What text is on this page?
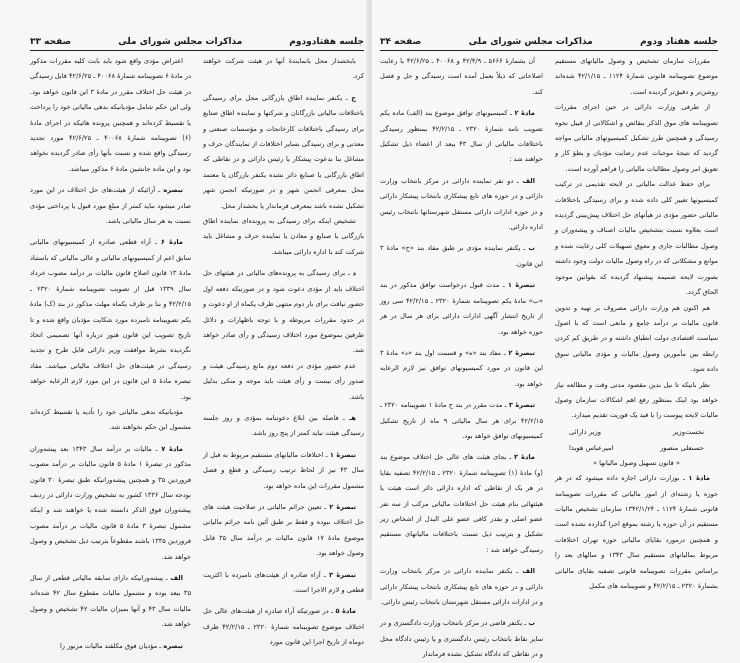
جلسه هفتادودوم
مذاکرات مجلس شورای ملی
صفحه ۳۳

بابخشدار محل بانمایندهٔ آنها در هیئت شرکت خواهند کرد.

ج ـ یکنفر نماینده اطاق بازرگانی محل برای رسیدگی باختلافات مالیاتی بازرگانان و شرکتها و نماینده اطاق صنایع برای رسیدگی باختلافات کارخانجات و مؤسسات صنعتی و معدنی و برای رسیدگی بسایر اختلافات از نمایندگان حرف و مشاغل بنا بدعوت پیشکار یا رئیس دارائی و در نقاطی که اطاق بازرگانی یا صنایع دائر نشده یکنفر بازرگان یا معتمد محل بمعرفی انجمن شهر و در صورتیکه انجمن شهر تشکیل نشده باشد بمعرفی فرماندار یا بخشدار محل.

تشخیص اینکه برای رسیدگی به پرونده‌ای نماینده اطاق بازرگانی یا صنایع و معادن یا نماینده حرف و مشاغل باید شرکت کند با اداره دارائی میباشد.

د ـ برای رسیدگی به پرونده‌های مالیاتی در هیئتهای حل اختلاف باید از مؤدی دعوت شود و در صورتیکه دفعه اول حضور نیافت برای بار دوم منتهی ظرف یکماه از او دعوت و در حدود مقررات مربوطه و با توجه باظهارات و دلائل طرفین بموضوع مورد اختلاف رسیدگی و رأی صادر خواهد شد.

عدم حضور مؤدی در دفعه دوم مانع رسیدگی هیئت و صدور رأی نیست و رأی هیئت باید موجه و متکی بدلیل باشد.

هـ ـ فاصله بین ابلاغ دعوتنامه بمؤدی و روز جلسه رسیدگی هیئت نباید کمتر از پنج روز باشد.

تبصرهٔ ۱ ـ اختلافات مالیاتهای مستقیم مربوط به قبل از سال ۴۳ نیز از لحاظ ترتیب رسیدگی و قطع و فصل مشمول مقررات این ماده خواهد بود.

تبصرهٔ ۲ ـ تعیین جرائم مالیاتی در صلاحیت هیئت های حل اختلاف نبوده و فقط بر طبق آئین نامه جرائم مالیاتی موضوع مادهٔ ۱۷ قانون مالیات بر درآمد سال ۳۵ قابل وصول خواهد بود.

تبصرهٔ ۳ ـ آراء صادره از هیئت‌های نامبرده با اکثریت قطعی و لازم الاجرا است.

مادهٔ ۵ ـ در صورتیکه آراء صادره از هیئت‌های عالی حل اختلاف موضوع تصویبنامه شمارهٔ ۲۳۲۰ ـ ۴۲/۲/۱۵ ظرف دوماه از تاریخ اجرا این قانون مورد

اعتراض مؤدی واقع شود باید بابت کلیه مقررات مذکور در مادهٔ ۶ تصویبنامه شمارهٔ ۴۰۰۶۸ ـ ۴۲/۶/۲۵ قابل رسیدگی در هیئت حل اختلاف مقرر در مادهٔ ۳ این قانون خواهد بود. ولی این حکم شامل مؤدیانیکه بدهی مالیاتی خود را پرداخت یا تقسیط کرده‌اند و همچنین پرونده هائیکه در اجرای مادهٔ (۶) تصویبنامه شمارهٔ ۴۰۰۶۸ ـ ۴۲/۶/۲۵ مورد تجدید رسیدگی واقع شده و نسبت بآنها رأی صادر گردیده نخواهد بود و این ماده جانشین مادهٔ ۶ مذکور میباشد.

تبصره ـ آرائیکه از هیئت‌های حل اختلاف در این مورد صادر میشود نباید کمتر از مبلغ مورد قبول یا پرداختی مؤدی نسبت به هر سال مالیاتی باشد.

مادهٔ ۶ ـ آراء قطعی صادره از کمیسیونهای مالیاتی سابق اعم از کمیسیونهای مالیاتی و عالی مالیاتی که باستناد مادهٔ ۱۳ قانون اصلاح قانون مالیات بر درآمد مصوب خرداد سال ۱۳۳۹ قبل از تصویب تصویبنامه شمارهٔ ۲۳۲۰ ـ ۴۲/۲/۱۵ و بنا بر طرف یکماه مهلت مذکور در بند (ک) مادهٔ یکم تصویبنامه نامبرده مورد شکایت مؤدیان واقع شده و تا تاریخ تصویب این قانون هنوز درباره آنها تصمیمی اتخاذ نگردیده بشرط موافقت وزیر دارائی قابل طرح و تجدید رسیدگی در هیئت‌های حل اختلاف مالیاتی میباشد. مفاد تبصره مادهٔ ۵ این قانون در این مورد لازم الرعایه خواهد بود.

مؤدیانیکه بدهی مالیاتی خود را تأدیه یا تقسیط کرده‌اند مشمول این حکم نخواهند شد.

مادهٔ ۷ ـ مالیات بر درآمد سال ۱۳۴۳ بعد پیشه‌وران مذکور در تبصرهٔ ۱ مادهٔ ۵ قانون مالیات بر درآمد مصوب فروردین ۳۵ و همچنین پیشه‌ورانیکه طبق تبصرهٔ ۳۰ قانون بودجه سال ۱۳۳۶ کشور به تشخیص وزارت دارائی در ردیف پیشه‌وران فوق الذکر دانسته شده یا خواهند شد و اینکه مشمول تبصرهٔ ۳ مادهٔ ۵ قانون مالیات بر درآمد مصوب فروردین ۱۳۳۵ باشند مقطوعاً بترتیب ذیل تشخیص و وصول خواهد شد.

الف ـ پیشه‌ورانیکه دارای سابقه مالیاتی قطعی از سال ۳۵ ببعد بوده و مشمول مالیات مقطوع سال ۴۲ شده‌اند مالیات سال ۴۳ و آنها بمیزان مالیات ۴۲ تشخیص و وصول خواهد شد.

تبصره ـ مؤدیان فوق مکلفند مالیات مزبور را

جلسه هفتاد ودوم
مذاکرات مجلس شورای ملی
صفحه ۳۴

مقررات سازمان تشخیص و وصول مالیاتهای مستقیم موضوع تصویبنامه قانونی شمارهٔ ۱۱۲۴ ـ ۴۲/۱/۱۵ شده‌اند روشن‌تر و دقیق‌تر گردیده است.

از طرفی وزارت دارائی در حین اجرای مقررات تصویبنامه های موق الذکر بنقائص و اشکالاتی از قبیل نحوه رسیدگی و همچنین طرز تشکیل کمیسیونهای مالیاتی مواجه گردید که نتیجهٔ موجبات عدم رضایت مؤدیان و بطؤ کار و تعویق امر وصول مطالبات مالیاتی را فراهم آورده است.

برای حفظ عدالت مالیاتی در لایحه تقدیمی در ترکیب کمیسیونها تغییر کلی داده شده و برای رسیدگی باختلافات مالیاتی حضور مؤدی در هیأتهای حل اختلاف پیش‌بینی گردیده است بعلاوه نسبت بتشخیص مالیات اصناف و پیشه‌وران و وصول مطالبات جاری و معوق تسهیلات کلی رعایت شده و موانع و مشکلاتی که در راه وصول مالیات دولت وجود داشته بصورت لایحه ضمیمه پیشنهاد گردیده که بقوانین موجود الحاق گردد.

هم اکنون هم وزارت دارائی مصروف بر تهیه و تدوین قانون مالیات بر درآمد جامع و مانعی است که با اصول سیاست اقتصادی دولت انطباق داشته و در طریق کم کردن رابطه بین مأمورین وصول مالیات و مؤدی مالیاتی سوق داده شود.

نظر بانیکه تا نیل بدین مقصود مدتی وقت و مطالعه نیاز خواهد بود اینک بمنظور رفع اهم اشکالات سازمان وصول مالیات لایحه پیوست را با قید یک فوریت تقدیم میدارد.

نخست‌وزیر
وزیر دارائی
حسنعلی منصور
امیرعباس هویدا
« قانون تسهیل وصول مالیاتها »

مادهٔ ۱ ـ بوزارت دارائی اجازه داده میشود که در هر حوزه یا رشته‌ای از امور مالیاتی که مقررات تصویبنامه قانونی شمارهٔ ۱۱۲۴ ـ ۱۳۴۲/۱/۲۴ سازمان تشخیص مالیات مستقیم در آن حوزه یا رشته بموقع اجرا گذارده نشده است و همچنین درمورد بقایای مالیاتی حوزه‌ تهران اختلافات مربوط بمالیاتهای مستقیم سال ۱۳۴۳ و سالهای بعد را براساس مقررات تصویبنامه قانونی تصفیه بقایای مالیاتی بشمارهٔ ۲۳۲۰ ـ ۴۲/۲/۱۵ و تصویبنامه های مکمل

آن بشمارهٔ ۵۶۶۶ ـ ۴۲/۴/۹ و ۴۰۰۶۸ ـ ۴۲/۶/۲۵ با رعایت اصلاحاتی که ذیلاً بعمل آمده است رسیدگی و حل و فصل کند.

مادهٔ ۲ ـ کمیسیونهای توافق موضوع بند (الف) ماده یکم تصویب نامه شمارهٔ ۲۳۲۰ ـ ۴۲/۲/۱۵ بمنظور رسیدگی باختلافات مالیاتی از سال ۴۳ ببعد از اعضاء ذیل تشکیل خواهند شد :

الف ـ دو نفر نماینده دارائی در مرکز بانتخاب وزارت دارائی و در حوزه های تابع پیشکاری بانتخاب پیشکار دارائی و در حوزه ادارات دارائی مستقل شهرستانها بانتخاب رئیس اداره دارائی.

ب ـ یکنفر نماینده مؤدی بر طبق مفاد بند «ج» مادهٔ ۳ این قانون.

تبصرهٔ ۱ ـ مدت قبول درخواست توافق مذکور در بند «ب» مادهٔ یکم تصویبنامه شمارهٔ ۲۳۲۰ ـ ۴۲/۲/۱۵ سی روز از تاریخ انتشار آگهی ادارات دارائی برای هر سال در هر حوزه خواهد بود.

تبصرهٔ ۲ ـ مفاد بند «ه» و قسمت اول بند «د» مادهٔ ۳ این قانون در مورد کمیسیونهای توافق نیز لازم الرعایه خواهد بود.

تبصرهٔ ۳ ـ مدت مقرر در بند ج مادهٔ ۱ تصویبنامه ۲۳۲۰ ـ ۴۲/۲/۱۵ برای هر سال مالیاتی ۹ ماه از تاریخ تشکیل کمیسیونهای توافق خواهد بود.

مادهٔ ۳ ـ بجای هیئت های عالی حل اختلاف موضوع بند (و) مادهٔ (۱) تصویبنامه شمارهٔ ۲۳۲۰ ـ ۴۲/۲/۱۵ تصفیه بقایا در هر یک از نقاطی که اداره دارائی دائر است هیئت یا هیئتهائی بنام هیئت حل اختلافات مالیاتی مرکب از سه نفر عضو اصلی و بقدر کافی عضو علی البدل از اشخاص زیر تشکیل و بترتیب ذیل نسبت باختلافات مالیاتهای مستقیم رسیدگی خواهد شد :

الف ـ یکنفر نماینده دارائی در مرکز بانتخاب وزارت دارائی و در حوزه های تابع پیشکاری بانتخاب پیشکار دارائی و در ادارات دارائی مستقل شهرستان بانتخاب رئیس دارائی.

ب ـ یکنفر قاضی در مرکز بانتخاب وزارت دادگستری و در سایر نقاط بانتخاب رئیس دادگستری و یا رئیس دادگاه محل و در نقاطی که دادگاه تشکیل نشده فرماندار
